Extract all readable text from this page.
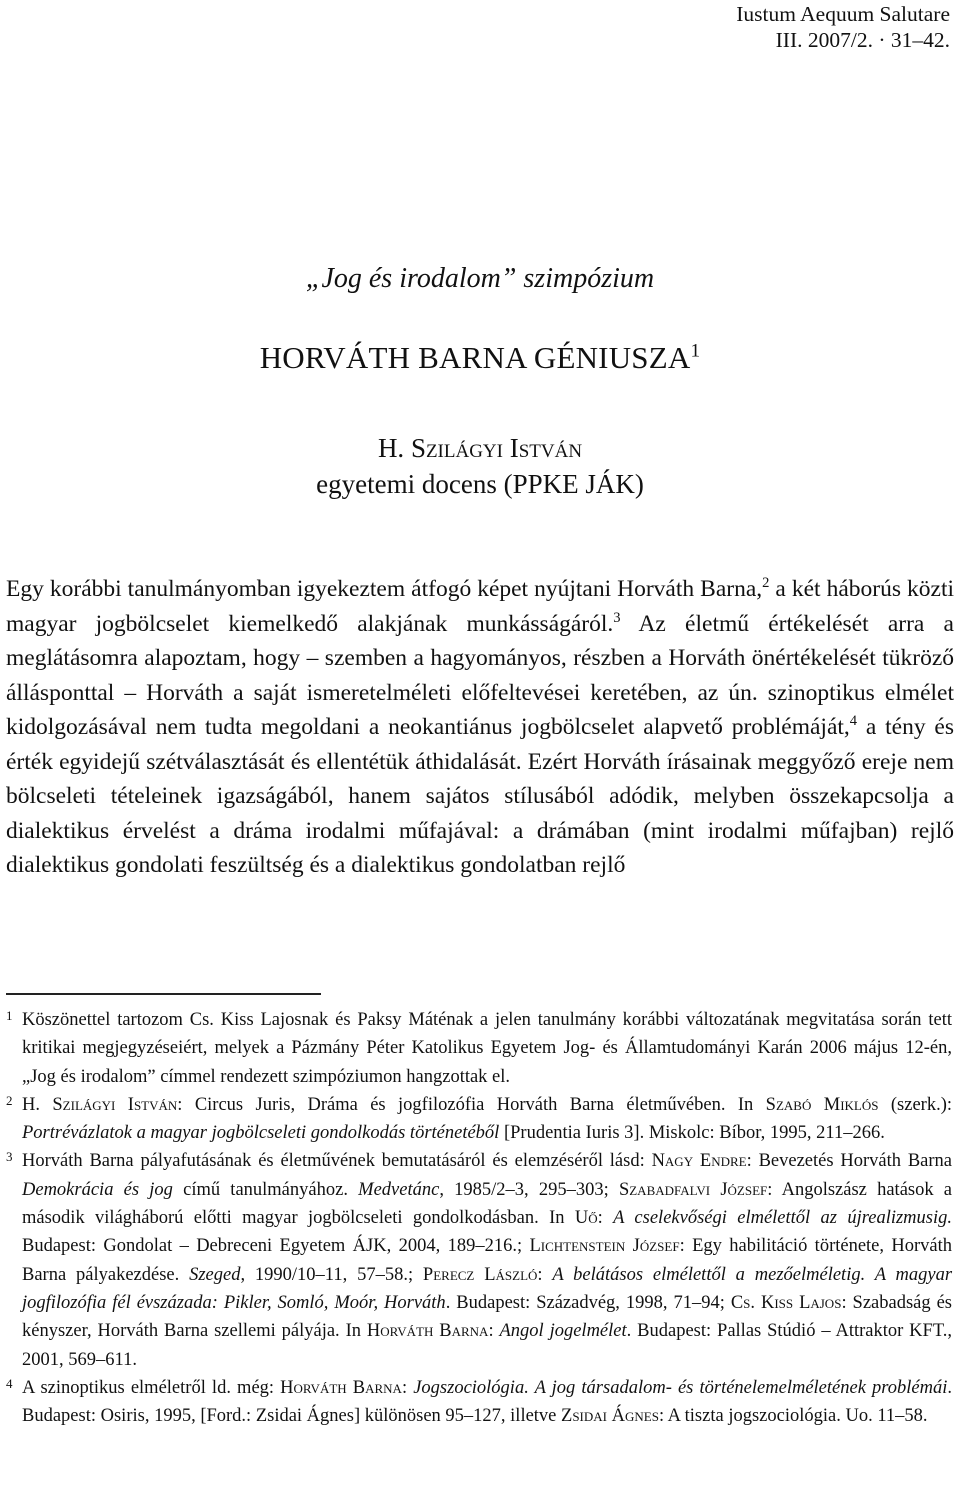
Iustum Aequum Salutare
III. 2007/2. · 31–42.
„Jog és irodalom” szimpózium
HORVÁTH BARNA GÉNIUSZA$^1$
H. Szilágyi István
egyetemi docens (PPKE JÁK)

Egy korábbi tanulmányomban igyekeztem átfogó képet nyújtani Horváth Barna,$^2$ a két háborús közti magyar jogbölcselet kiemelkedő alakjának munkásságáról.$^3$ Az életmű értékelését arra a meglátásomra alapoztam, hogy – szemben a hagyományos, részben a Horváth önértékelését tükröző állásponttal – Horváth a saját ismeretelméleti előfeltevései keretében, az ún. szinoptikus elmélet kidolgozásával nem tudta megoldani a neokantiánus jogbölcselet alapvető problémáját,$^4$ a tény és érték egyidejű szétválasztását és ellentétük áthidalását. Ezért Horváth írásainak meggyőző ereje nem bölcseleti tételeinek igazságából, hanem sajátos stílusából adódik, melyben összekapcsolja a dialektikus érvelést a dráma irodalmi műfajával: a drámában (mint irodalmi műfajban) rejlő dialektikus gondolati feszültség és a dialektikus gondolatban rejlő

1 Köszönettel tartozom Cs. Kiss Lajosnak és Paksy Máténak a jelen tanulmány korábbi változatának megvitatása során tett kritikai megjegyzéseiért, melyek a Pázmány Péter Katolikus Egyetem Jog- és Államtudományi Karán 2006 május 12-én, „Jog és irodalom” címmel rendezett szimpóziumon hangzottak el.

2 H. Szilágyi István: Circus Juris, Dráma és jogfilozófia Horváth Barna életművében. In Szabó Miklós (szerk.): Portrévázlatok a magyar jogbölcseleti gondolkodás történetéből [Prudentia Iuris 3]. Miskolc: Bíbor, 1995, 211–266.

3 Horváth Barna pályafutásának és életművének bemutatásáról és elemzéséről lásd: Nagy Endre: Bevezetés Horváth Barna Demokrácia és jog című tanulmányához. Medvetánc, 1985/2–3, 295–303; Szabadfalvi József: Angolszász hatások a második világháború előtti magyar jogbölcseleti gondolkodásban. In Uő: A cselekvőségi elmélettől az újrealizmusig. Budapest: Gondolat – Debreceni Egyetem ÁJK, 2004, 189–216.; Lichtenstein József: Egy habilitáció története, Horváth Barna pályakezdése. Szeged, 1990/10–11, 57–58.; Perecz László: A belátásos elmélettől a mezőelméletig. A magyar jogfilozófia fél évszázada: Pikler, Somló, Moór, Horváth. Budapest: Századvég, 1998, 71–94; Cs. Kiss Lajos: Szabadság és kényszer, Horváth Barna szellemi pályája. In Horváth Barna: Angol jogelmélet. Budapest: Pallas Stúdió – Attraktor KFT., 2001, 569–611.

4 A szinoptikus elméletről ld. még: Horváth Barna: Jogszociológia. A jog társadalom- és történelemelméletének problémái. Budapest: Osiris, 1995, [Ford.: Zsidai Ágnes] különösen 95–127, illetve Zsidai Ágnes: A tiszta jogszociológia. Uo. 11–58.
